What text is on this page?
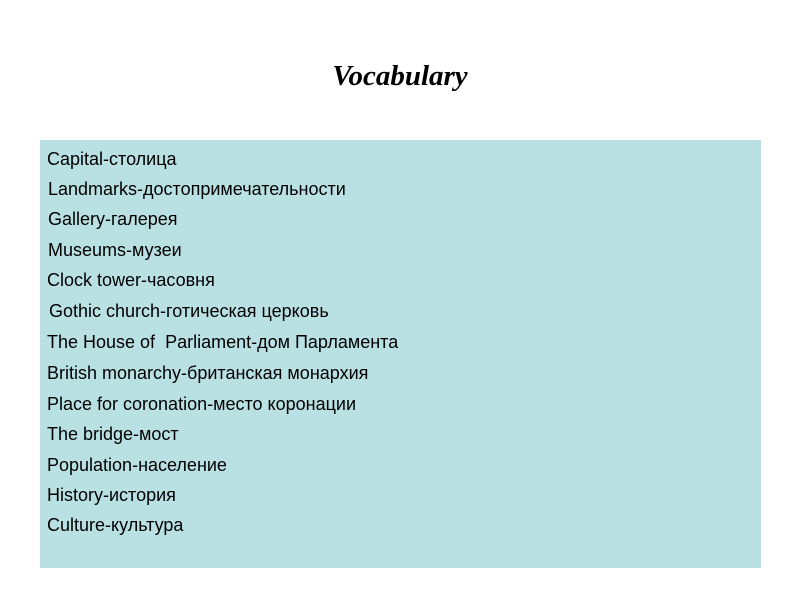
Vocabulary
Capital-столица
Landmarks-достопримечательности
Gallery-галерея
Museums-музеи
Clock tower-часовня
Gothic church-готическая церковь
The House of  Parliament-дом Парламента
British monarchy-британская монархия
Place for coronation-место коронации
The bridge-мост
Population-население
History-история
Culture-культура
